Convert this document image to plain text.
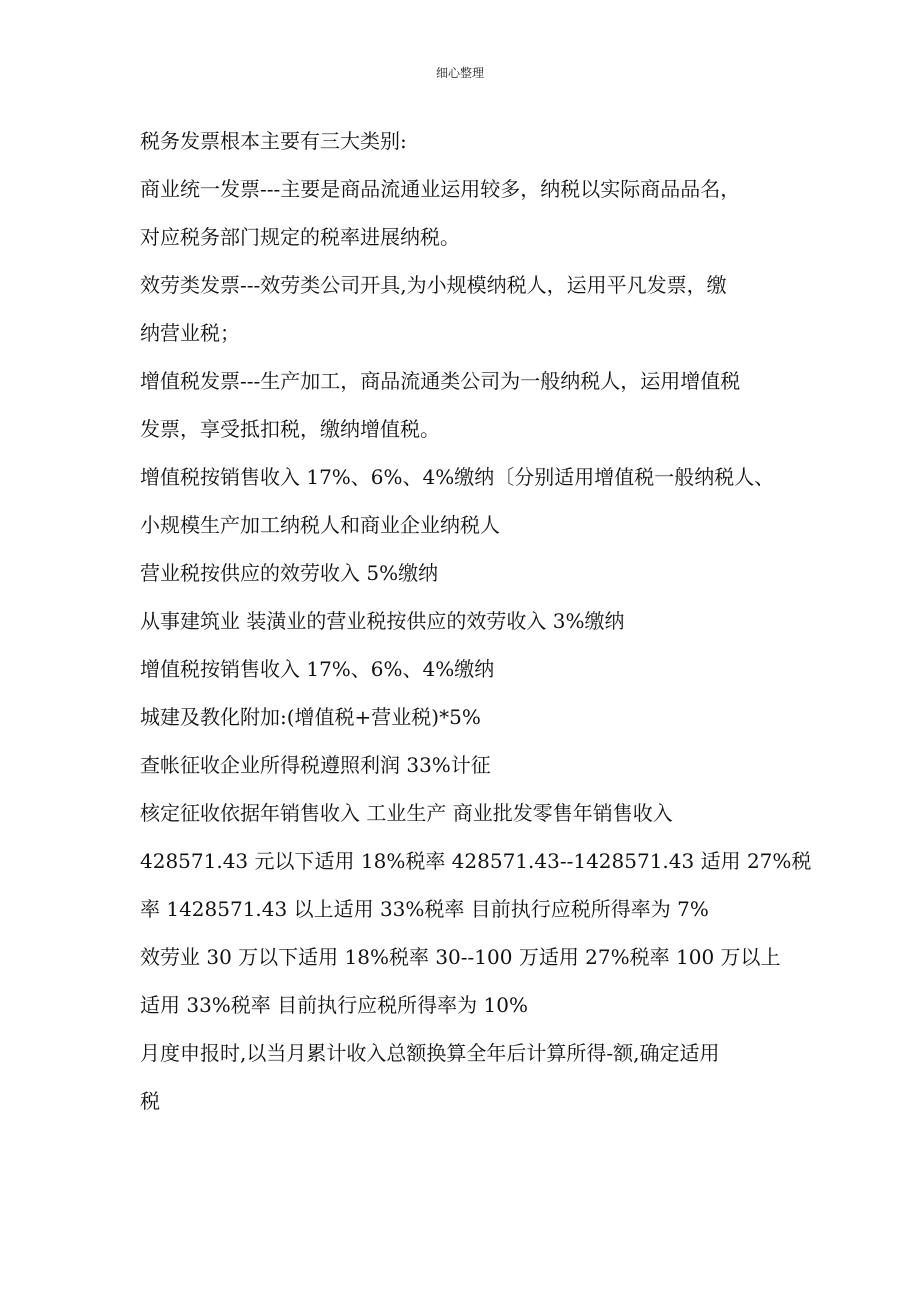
细心整理
税务发票根本主要有三大类别:
商业统一发票---主要是商品流通业运用较多，纳税以实际商品品名，
对应税务部门规定的税率进展纳税。
效劳类发票---效劳类公司开具,为小规模纳税人，运用平凡发票，缴
纳营业税；
增值税发票---生产加工，商品流通类公司为一般纳税人，运用增值税
发票，享受抵扣税，缴纳增值税。
增值税按销售收入 17%、6%、4%缴纳〔分别适用增值税一般纳税人、
小规模生产加工纳税人和商业企业纳税人
营业税按供应的效劳收入 5%缴纳
从事建筑业 装潢业的营业税按供应的效劳收入 3%缴纳
增值税按销售收入 17%、6%、4%缴纳
城建及教化附加:(增值税+营业税)*5%
查帐征收企业所得税遵照利润 33%计征
核定征收依据年销售收入 工业生产 商业批发零售年销售收入
428571.43 元以下适用 18%税率 428571.43--1428571.43 适用 27%税
率 1428571.43 以上适用 33%税率 目前执行应税所得率为 7%
效劳业 30 万以下适用 18%税率 30--100 万适用 27%税率 100 万以上
适用 33%税率 目前执行应税所得率为 10%
月度申报时,以当月累计收入总额换算全年后计算所得-额,确定适用
税
